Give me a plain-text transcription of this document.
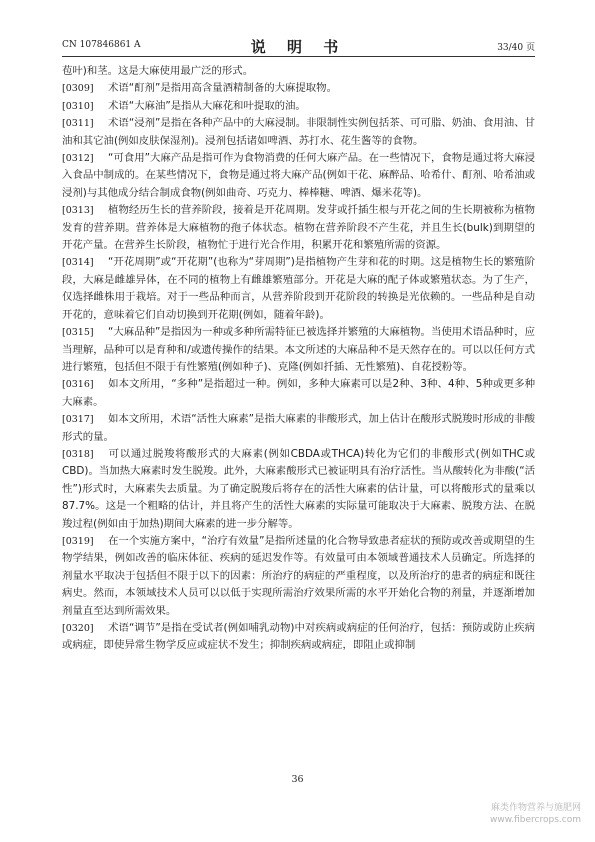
CN 107846861 A	说 明 书	33/40 页

苞叶)和茎。这是大麻使用最广泛的形式。

[0309] 术语“酊剂”是指用高含量酒精制备的大麻提取物。

[0310] 术语“大麻油”是指从大麻花和叶提取的油。

[0311] 术语“浸剂”是指在各种产品中的大麻浸制。非限制性实例包括茶、可可脂、奶油、食用油、甘油和其它油(例如皮肤保湿剂)。浸剂包括诸如啤酒、苏打水、花生酱等的食物。

[0312] “可食用”大麻产品是指可作为食物消费的任何大麻产品。在一些情况下，食物是通过将大麻浸入食品中制成的。在某些情况下，食物是通过将大麻产品(例如干花、麻醉品、哈希什、酊剂、哈希油或浸剂)与其他成分结合制成食物(例如曲奇、巧克力、棒棒糖、啤酒、爆米花等)。

[0313] 植物经历生长的营养阶段，接着是开花周期。发芽或扦插生根与开花之间的生长期被称为植物发育的营养期。营养体是大麻植物的孢子体状态。植物在营养阶段不产生花，并且生长(bulk)到期望的开花产量。在营养生长阶段，植物忙于进行光合作用，积累开花和繁殖所需的资源。

[0314] “开花周期”或“开花期”(也称为“芽周期”)是指植物产生芽和花的时期。这是植物生长的繁殖阶段，大麻是雌雄异体，在不同的植物上有雌雄繁殖部分。开花是大麻的配子体或繁殖状态。为了生产，仅选择雌株用于栽培。对于一些品种而言，从营养阶段到开花阶段的转换是光依赖的。一些品种是自动开花的，意味着它们自动切换到开花期(例如，随着年龄)。

[0315] “大麻品种”是指因为一种或多种所需特征已被选择并繁殖的大麻植物。当使用术语品种时，应当理解，品种可以是育种和/或遗传操作的结果。本文所述的大麻品种不是天然存在的。可以以任何方式进行繁殖，包括但不限于有性繁殖(例如种子)、克隆(例如扦插、无性繁殖)、自花授粉等。

[0316] 如本文所用，“多种”是指超过一种。例如，多种大麻素可以是2种、3种、4种、5种或更多种大麻素。

[0317] 如本文所用，术语“活性大麻素”是指大麻素的非酸形式，加上估计在酸形式脱羧时形成的非酸形式的量。

[0318] 可以通过脱羧将酸形式的大麻素(例如CBDA或THCA)转化为它们的非酸形式(例如THC或CBD)。当加热大麻素时发生脱羧。此外，大麻素酸形式已被证明具有治疗活性。当从酸转化为非酸(“活性”)形式时，大麻素失去质量。为了确定脱羧后将存在的活性大麻素的估计量，可以将酸形式的量乘以87.7%。这是一个粗略的估计，并且将产生的活性大麻素的实际量可能取决于大麻素、脱羧方法、在脱羧过程(例如由于加热)期间大麻素的进一步分解等。

[0319] 在一个实施方案中，“治疗有效量”是指所述量的化合物导致患者症状的预防或改善或期望的生物学结果，例如改善的临床体征、疾病的延迟发作等。有效量可由本领域普通技术人员确定。所选择的剂量水平取决于包括但不限于以下的因素：所治疗的病症的严重程度，以及所治疗的患者的病症和既往病史。然而，本领域技术人员可以以低于实现所需治疗效果所需的水平开始化合物的剂量，并逐渐增加剂量直至达到所需效果。

[0320] 术语“调节”是指在受试者(例如哺乳动物)中对疾病或病症的任何治疗，包括：预防或防止疾病或病症，即使异常生物学反应或症状不发生；抑制疾病或病症，即阻止或抑制

36
麻类作物营养与施肥网
www.fibercrops.com
